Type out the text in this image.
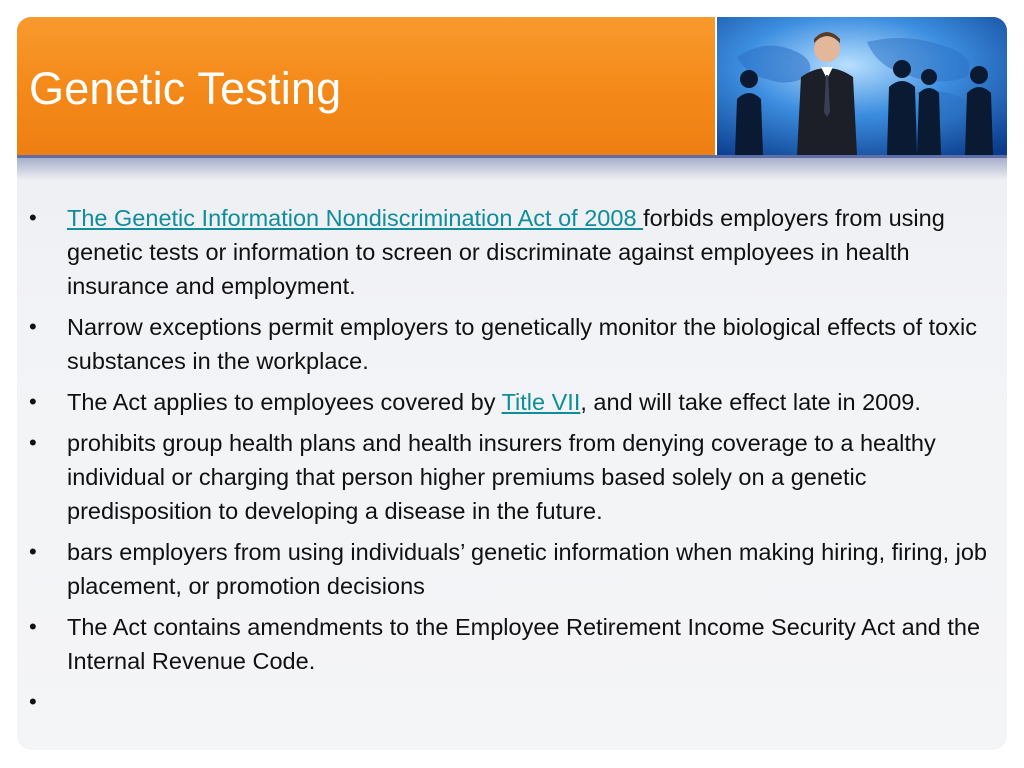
Genetic Testing
• The Genetic Information Nondiscrimination Act of 2008 forbids employers from using genetic tests or information to screen or discriminate against employees in health insurance and employment.
• Narrow exceptions permit employers to genetically monitor the biological effects of toxic substances in the workplace.
• The Act applies to employees covered by Title VII, and will take effect late in 2009.
• prohibits group health plans and health insurers from denying coverage to a healthy individual or charging that person higher premiums based solely on a genetic predisposition to developing a disease in the future.
• bars employers from using individuals’ genetic information when making hiring, firing, job placement, or promotion decisions
• The Act contains amendments to the Employee Retirement Income Security Act and the Internal Revenue Code.
•
